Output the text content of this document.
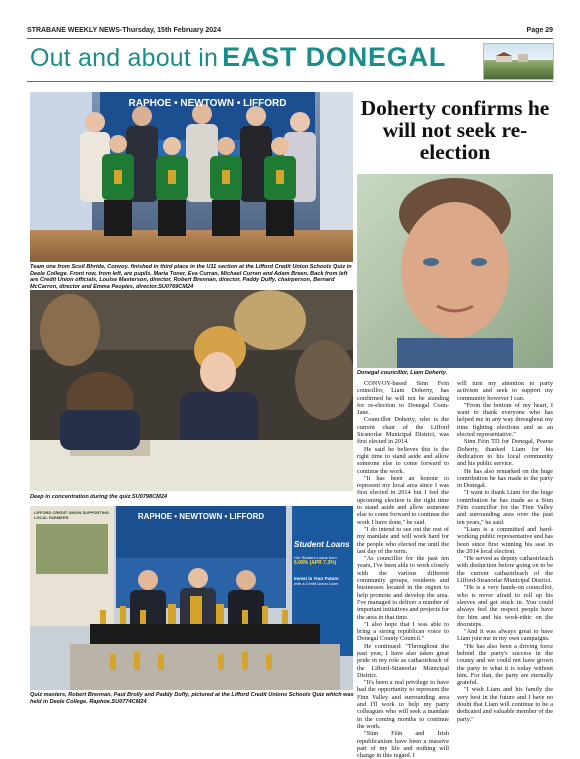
STRABANE WEEKLY NEWS-Thursday, 15th February 2024	Page 29
Out and about in EAST DONEGAL
RAPHOE • NEWTOWN • LIFFORD
Team one from Scoil Bhríde, Convoy, finished in third place in the U11 section at the Lifford Credit Union Schools Quiz in Deele College. Front row, from left, are pupils, Maria Toner, Eva Curran, Michael Curran and Adam Breen. Back from left are Credit Union officials, Louise Masterson, director, Robert Brennan, director, Paddy Duffy, chairperson, Bernard McCarron, director and Emma Peoples, director.SU0769CM24
Deep in concentration during the quiz.SU0798CM24
RAPHOE • NEWTOWN • LIFFORD
LIFFORD CREDIT UNION SUPPORTING LOCAL FARMERS
Student Loans
Our Student Loans from
6.09% (APR 7.3%)
Invest in Your Future
with a Credit Union Loan
Quiz masters, Robert Brennan, Paul Brolly and Paddy Duffy, pictured at the Lifford Credit Unions Schools Quiz which was held in Deele College. Raphoe.SU0774CM24
Doherty confirms he will not seek re-election
Donegal councillor, Liam Doherty.

CONVOY-based Sinn Fein councillor, Liam Doherty, has confirmed he will not be standing for re-election to Donegal Coun-Jane.

Councillor Doherty, who is the current chair of the Lifford Stranorlar Municipal District, was first elected in 2014.

He said he believes this is the right time to stand aside and allow someone else to come forward to continue the work.

"It has been an honour to represent my local area since I was first elected in 2014 but I feel the upcoming election is the right time to stand aside and allow someone else to come forward to continue the work I have done," he said.

"I do intend to see out the rest of my mandate and will work hard for the people who elected me until the last day of the term.

"As councillor for the past ten years, I've been able to work closely with the various different community groups, residents and businesses located in the region to help promote and develop the area. I've managed to deliver a number of important initiatives and projects for the area in that time.

"I also hope that I was able to bring a strong republican voice to Donegal County Council."

He continued: "Throughout the past year, I have also taken great pride in my role as cathaoirleach of the Lifford-Stranorlar Municipal District.

"It's been a real privilege to have had the opportunity to represent the Finn Valley and surrounding area and I'll work to help my party colleagues who will seek a mandate in the coming months to continue the work.

"Sinn Féin and Irish republicanism have been a massive part of my life and nothing will change in this regard. I

will turn my attention to party activism and seek to support my community however I can.

"From the bottom of my heart, I want to thank everyone who has helped me in any way throughout my time fighting elections and as an elected representative."

Sinn Féin TD for Donegal, Pearse Doherty, thanked Liam for his dedication to his local community and his public service.

He has also remarked on the huge contribution he has made to the party in Donegal.

"I want to thank Liam for the huge contribution he has made as a Sinn Féin councillor for the Finn Valley and surrounding area over the past ten years," he said.

"Liam is a committed and hard-working public representative and has been since first winning his seat in the 2014 local election.

"He served as deputy cathaoirleach with distinction before going on to be the current cathaoirleach of the Lifford-Stranorlar Municipal District.

"He is a very hands-on councillor, who is never afraid to roll up his sleeves and get stuck in. You could always feel the respect people have for him and his work-ethic on the doorsteps.

"And it was always great to have Liam join me in my own campaigns.

"He has also been a driving force behind the party's success in the county and we could not have grown the party to what it is today without him. For that, the party are eternally grateful.

"I wish Liam and his family the very best in the future and I have no doubt that Liam will continue to be a dedicated and valuable member of the party."
